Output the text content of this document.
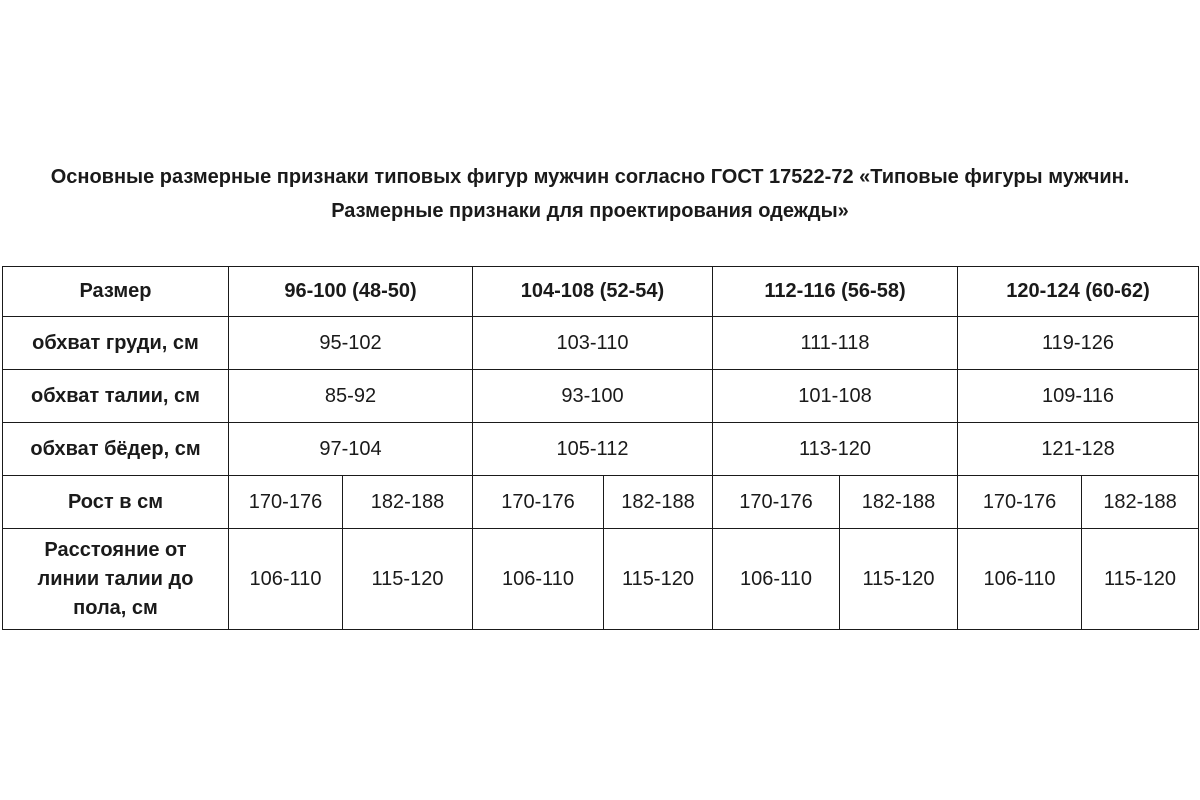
Основные размерные признаки типовых фигур мужчин согласно ГОСТ 17522-72 «Типовые фигуры мужчин.
Размерные признаки для проектирования одежды»
Размер	96-100 (48-50)		104-108 (52-54)		112-116 (56-58)		120-124 (60-62)	
обхват груди, см	95-102		103-110		111-118		119-126	
обхват талии, см	85-92		93-100		101-108		109-116	
обхват бёдер, см	97-104		105-112		113-120		121-128	
Рост в см	170-176	182-188	170-176	182-188	170-176	182-188	170-176	182-188

Расстояние от
линии талии до
пола, см	106-110	115-120	106-110	115-120	106-110	115-120	106-110	115-120
